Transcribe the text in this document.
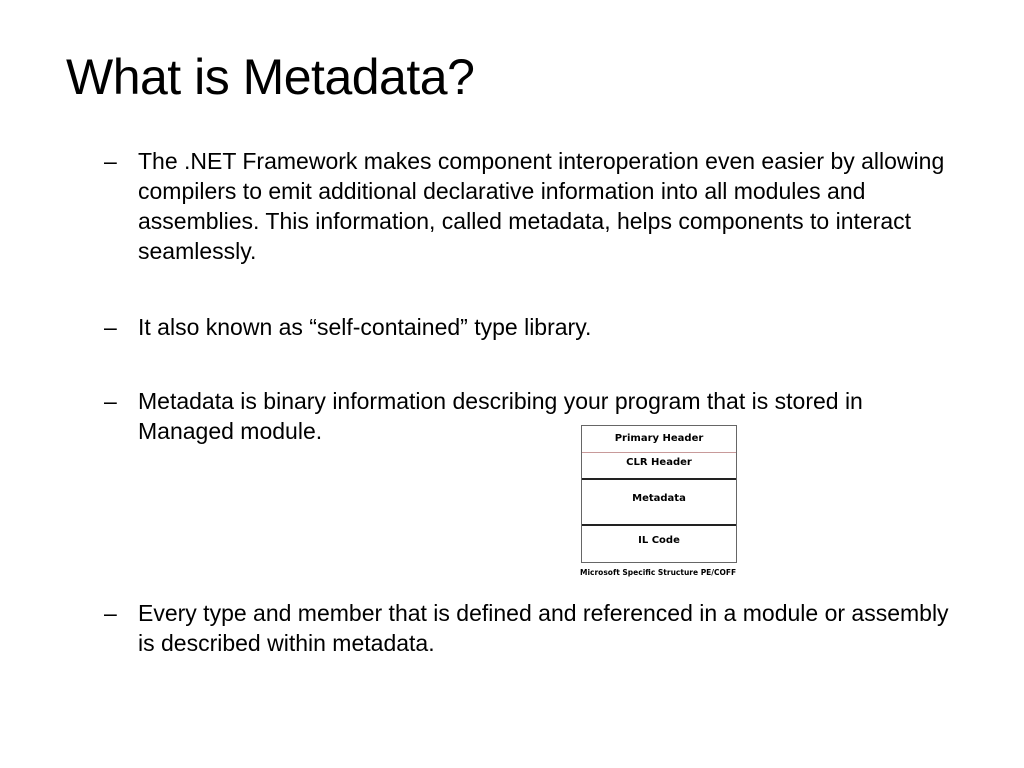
What is Metadata?
– The .NET Framework makes component interoperation even easier by allowing compilers to emit additional declarative information into all modules and assemblies. This information, called metadata, helps components to interact seamlessly.
– It also known as “self-contained” type library.
– Metadata is binary information describing your program that is stored in Managed module.
– Every type and member that is defined and referenced in a module or assembly is described within metadata.
Primary Header
CLR Header
Metadata
IL Code
Microsoft Specific Structure PE/COFF
